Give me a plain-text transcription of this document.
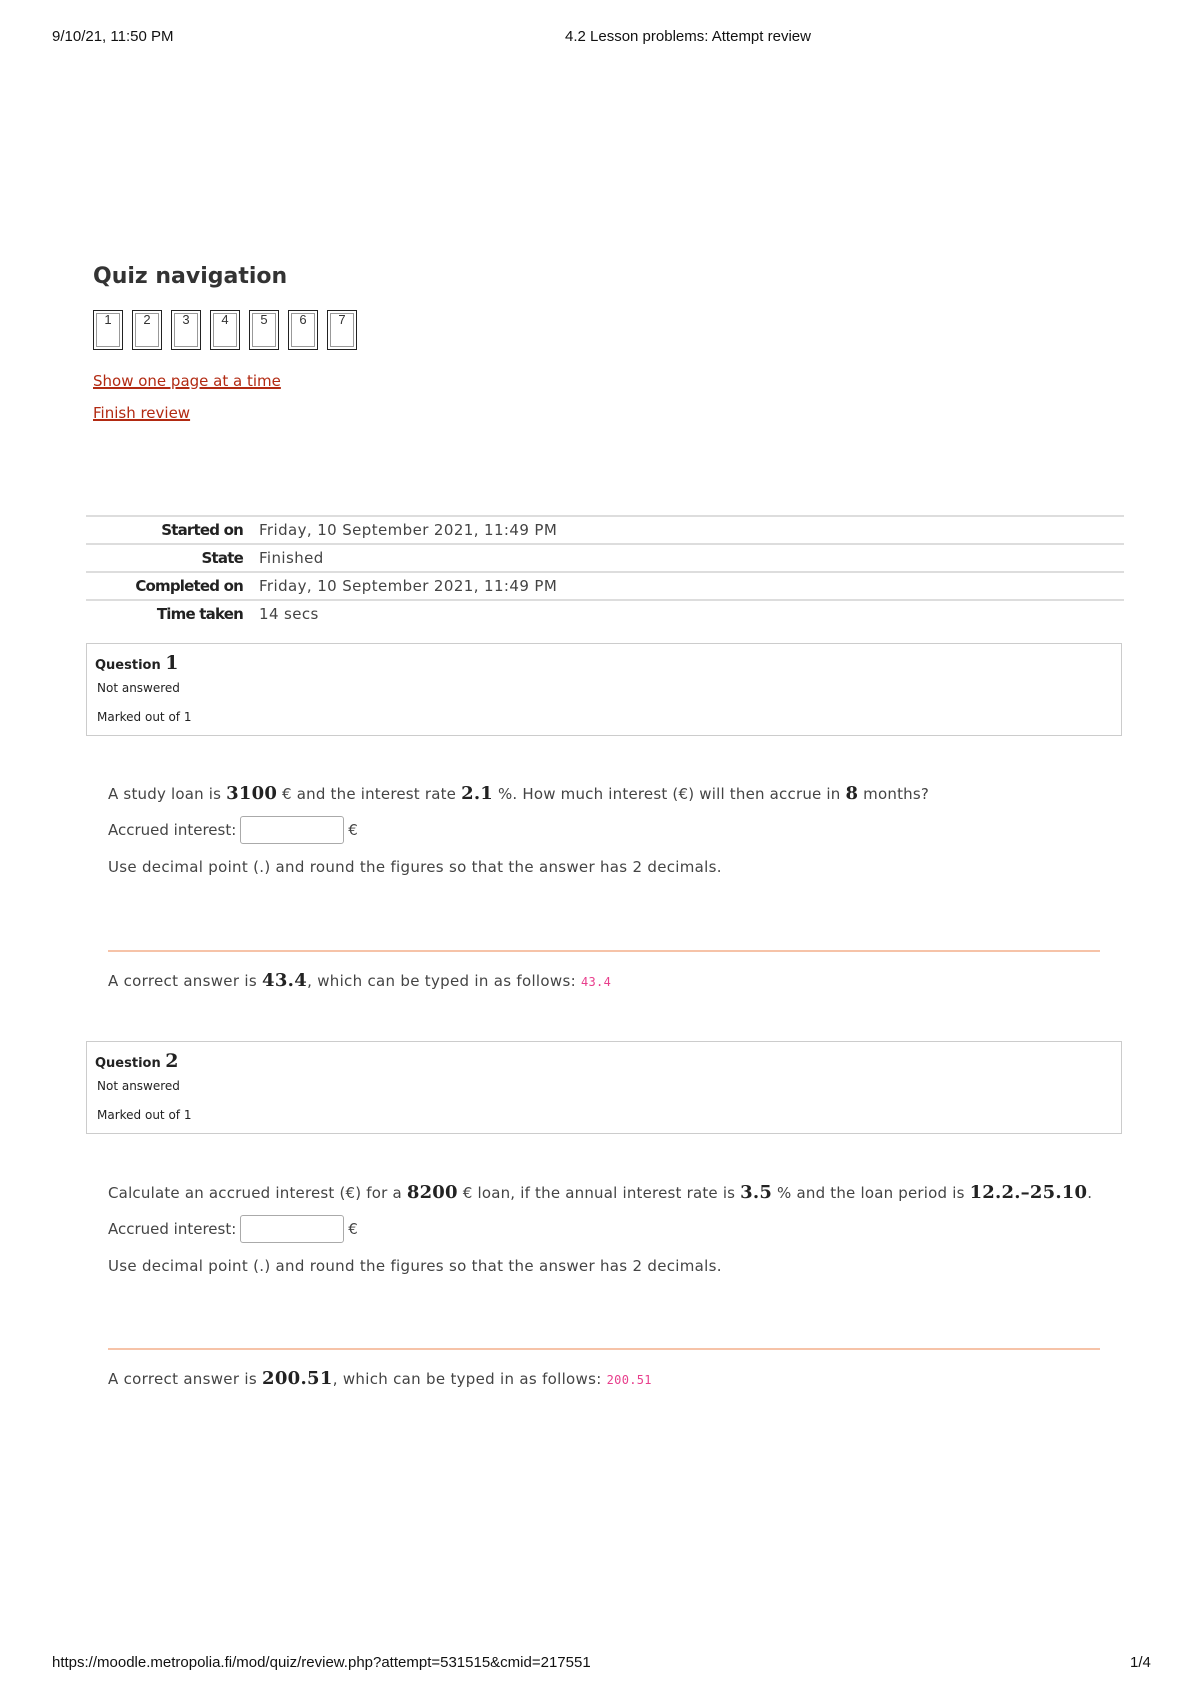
9/10/21, 11:50 PM	4.2 Lesson problems: Attempt review
Quiz navigation
1	2	3	4	5	6	7
Show one page at a time
Finish review
Started on	Friday, 10 September 2021, 11:49 PM
State	Finished
Completed on	Friday, 10 September 2021, 11:49 PM
Time taken	14 secs
Question 1
Not answered
Marked out of 1
A study loan is 3100 € and the interest rate 2.1 %. How much interest (€) will then accrue in 8 months?
Accrued interest:	€
Use decimal point (.) and round the figures so that the answer has 2 decimals.
A correct answer is 43.4, which can be typed in as follows: 43.4
Question 2
Not answered
Marked out of 1
Calculate an accrued interest (€) for a 8200 € loan, if the annual interest rate is 3.5 % and the loan period is 12.2.–25.10.
Accrued interest:	€
Use decimal point (.) and round the figures so that the answer has 2 decimals.
A correct answer is 200.51, which can be typed in as follows: 200.51
https://moodle.metropolia.fi/mod/quiz/review.php?attempt=531515&cmid=217551	1/4
